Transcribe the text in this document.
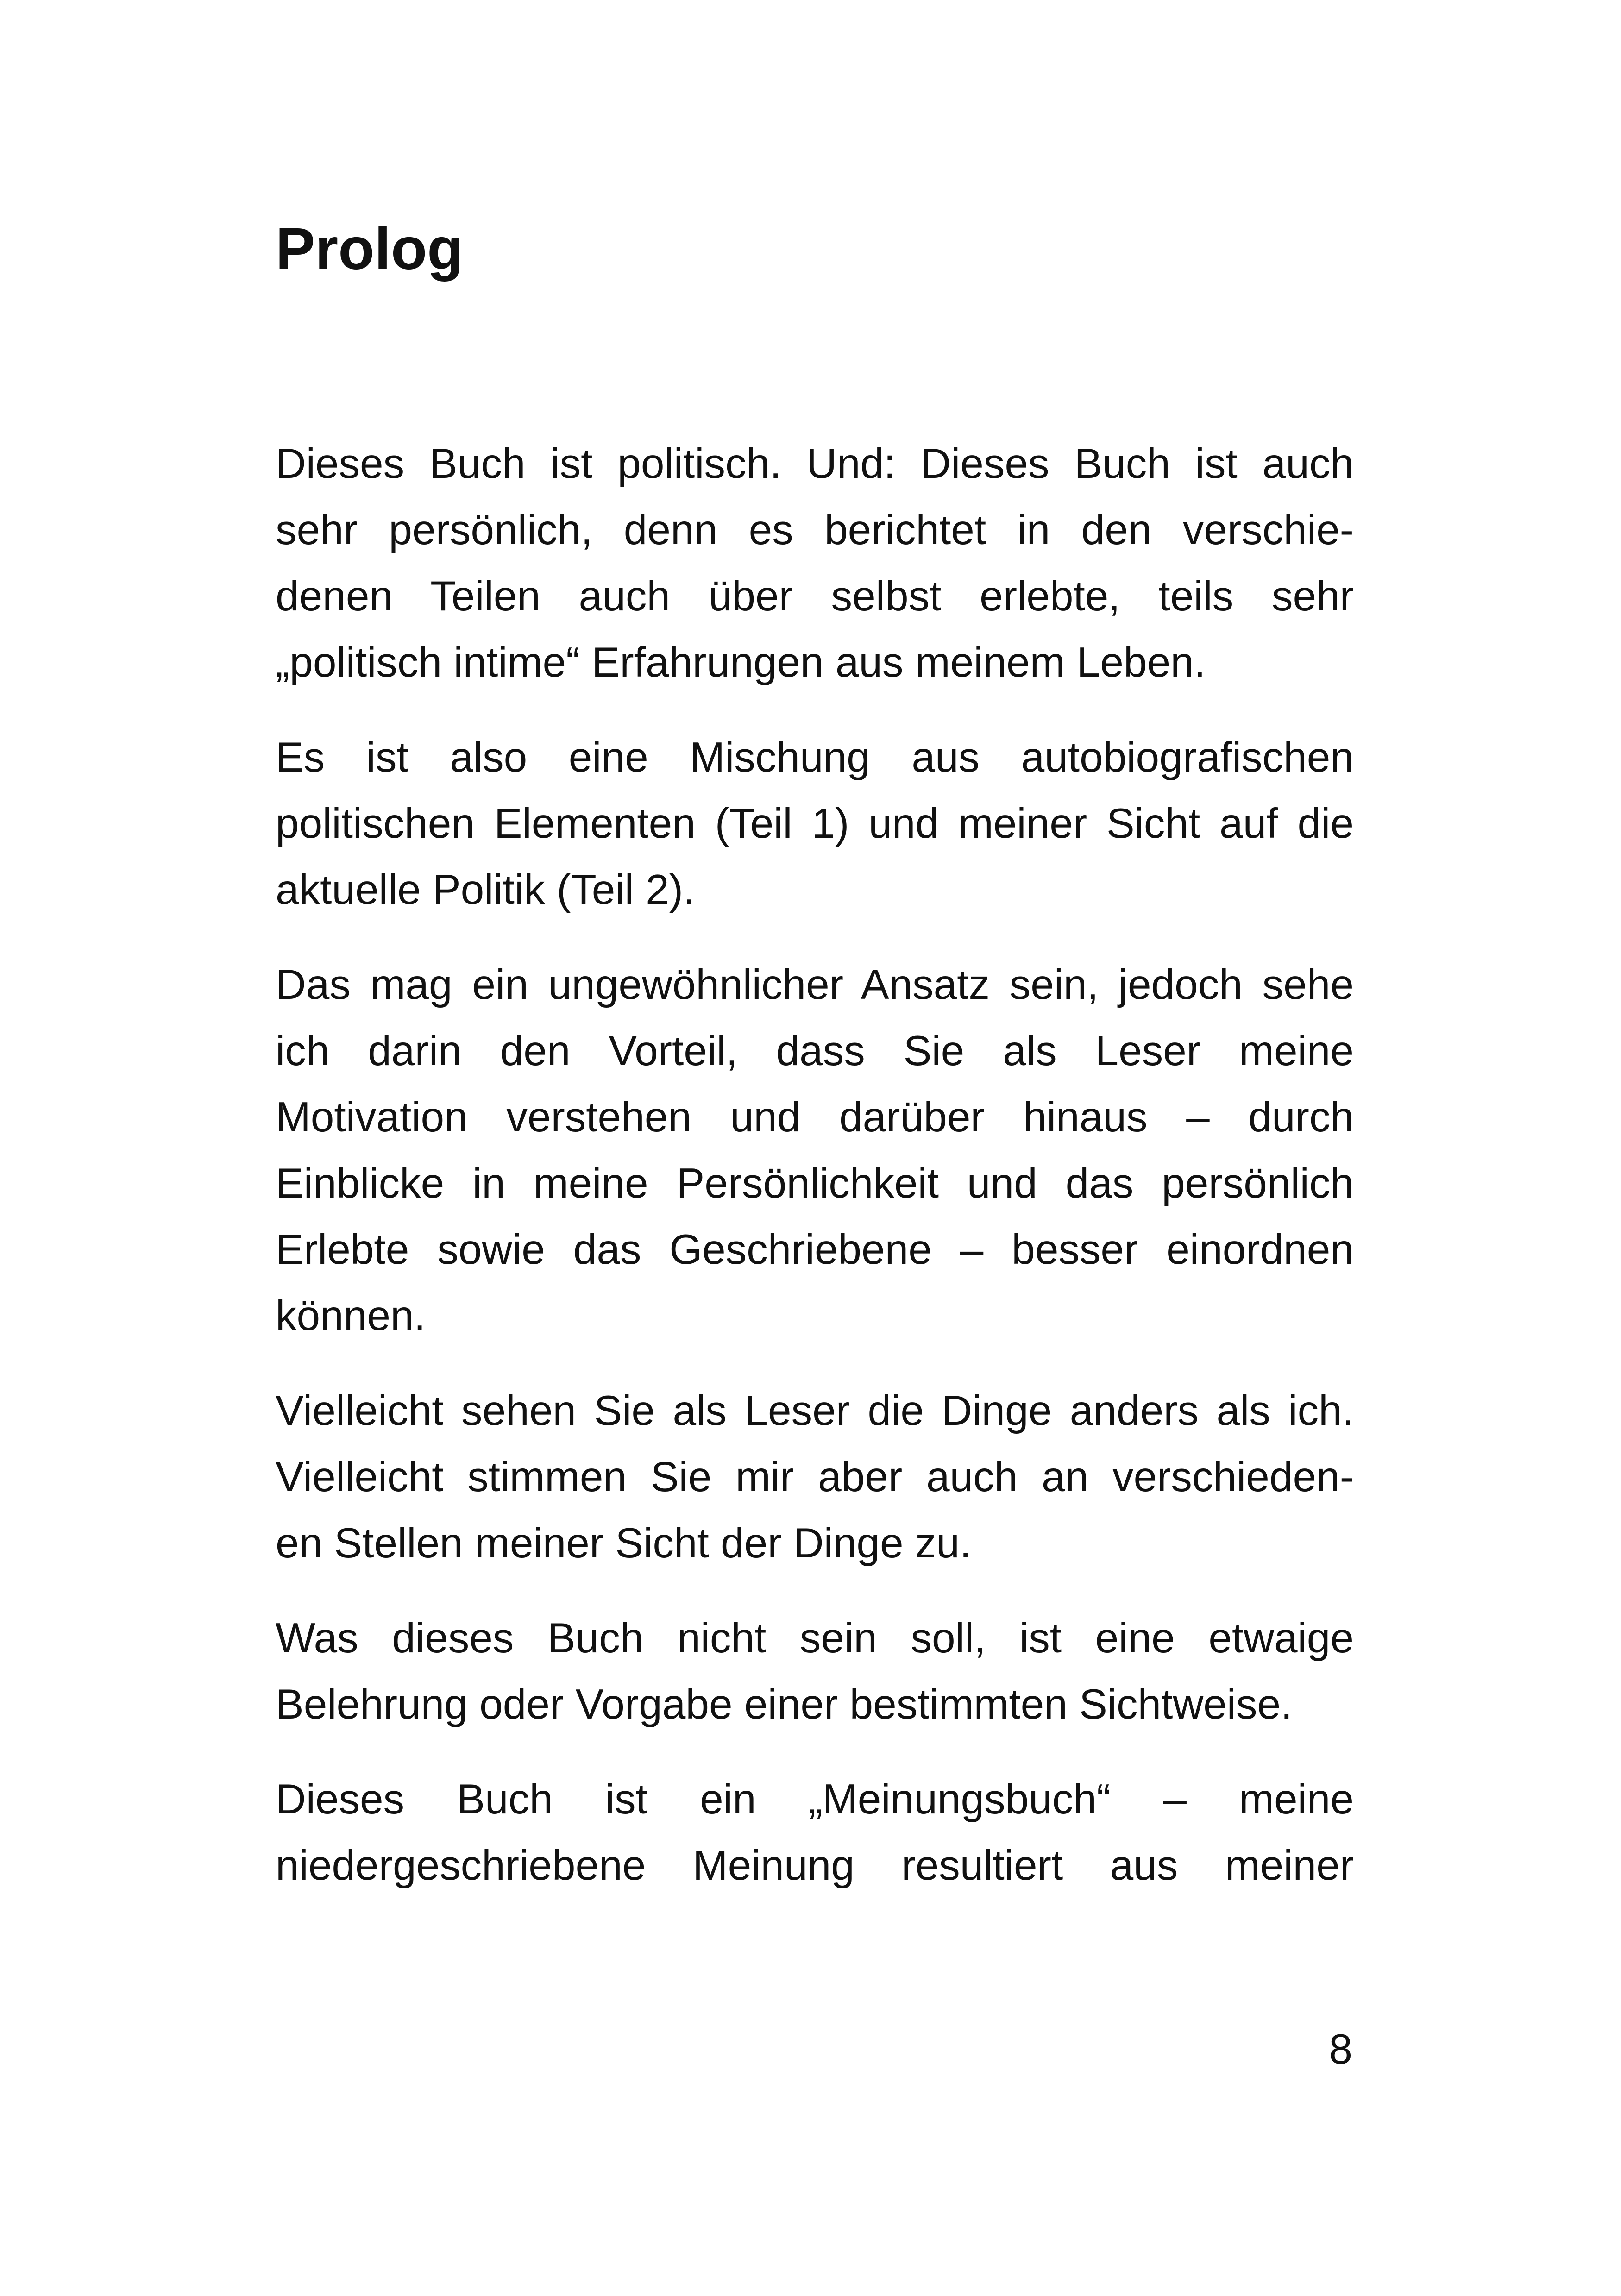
Prolog

Dieses Buch ist politisch. Und: Dieses Buch ist auch
sehr persönlich, denn es berichtet in den verschie-
denen Teilen auch über selbst erlebte, teils sehr
„politisch intime“ Erfahrungen aus meinem Leben.

Es ist also eine Mischung aus autobiografischen
politischen Elementen (Teil 1) und meiner Sicht auf die
aktuelle Politik (Teil 2).

Das mag ein ungewöhnlicher Ansatz sein, jedoch sehe
ich darin den Vorteil, dass Sie als Leser meine
Motivation verstehen und darüber hinaus – durch
Einblicke in meine Persönlichkeit und das persönlich
Erlebte sowie das Geschriebene – besser einordnen
können.

Vielleicht sehen Sie als Leser die Dinge anders als ich.
Vielleicht stimmen Sie mir aber auch an verschieden-
en Stellen meiner Sicht der Dinge zu.

Was dieses Buch nicht sein soll, ist eine etwaige
Belehrung oder Vorgabe einer bestimmten Sichtweise.

Dieses Buch ist ein „Meinungsbuch“ – meine
niedergeschriebene Meinung resultiert aus meiner

8
